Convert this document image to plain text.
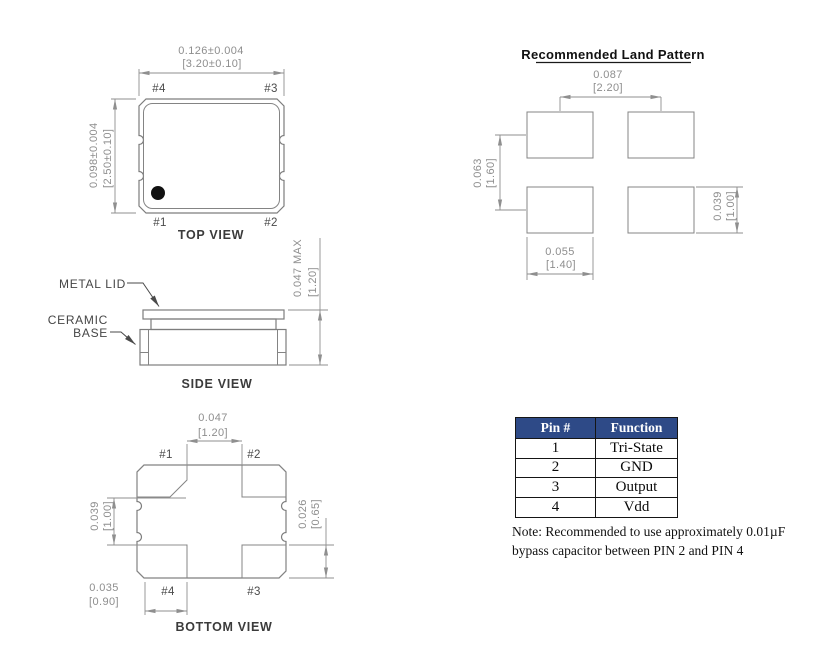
0.126±0.004
[3.20±0.10]
0.098±0.004 [2.50±0.10]
#4	#3
#1	#2
TOP VIEW
METAL LID
CERAMIC
BASE
0.047 MAX [1.20]
SIDE VIEW
0.047
[1.20]
0.039 [1.00]	0.026 [0.65]
0.035
[0.90]
#1	#2
#4	#3
BOTTOM VIEW
Recommended Land Pattern
0.087
[2.20]
0.063 [1.60]
0.039 [1.00]
0.055
[1.40]
Pin #	Function
1	Tri-State
2	GND
3	Output
4	Vdd
Note: Recommended to use approximately 0.01µF
bypass capacitor between PIN 2 and PIN 4
